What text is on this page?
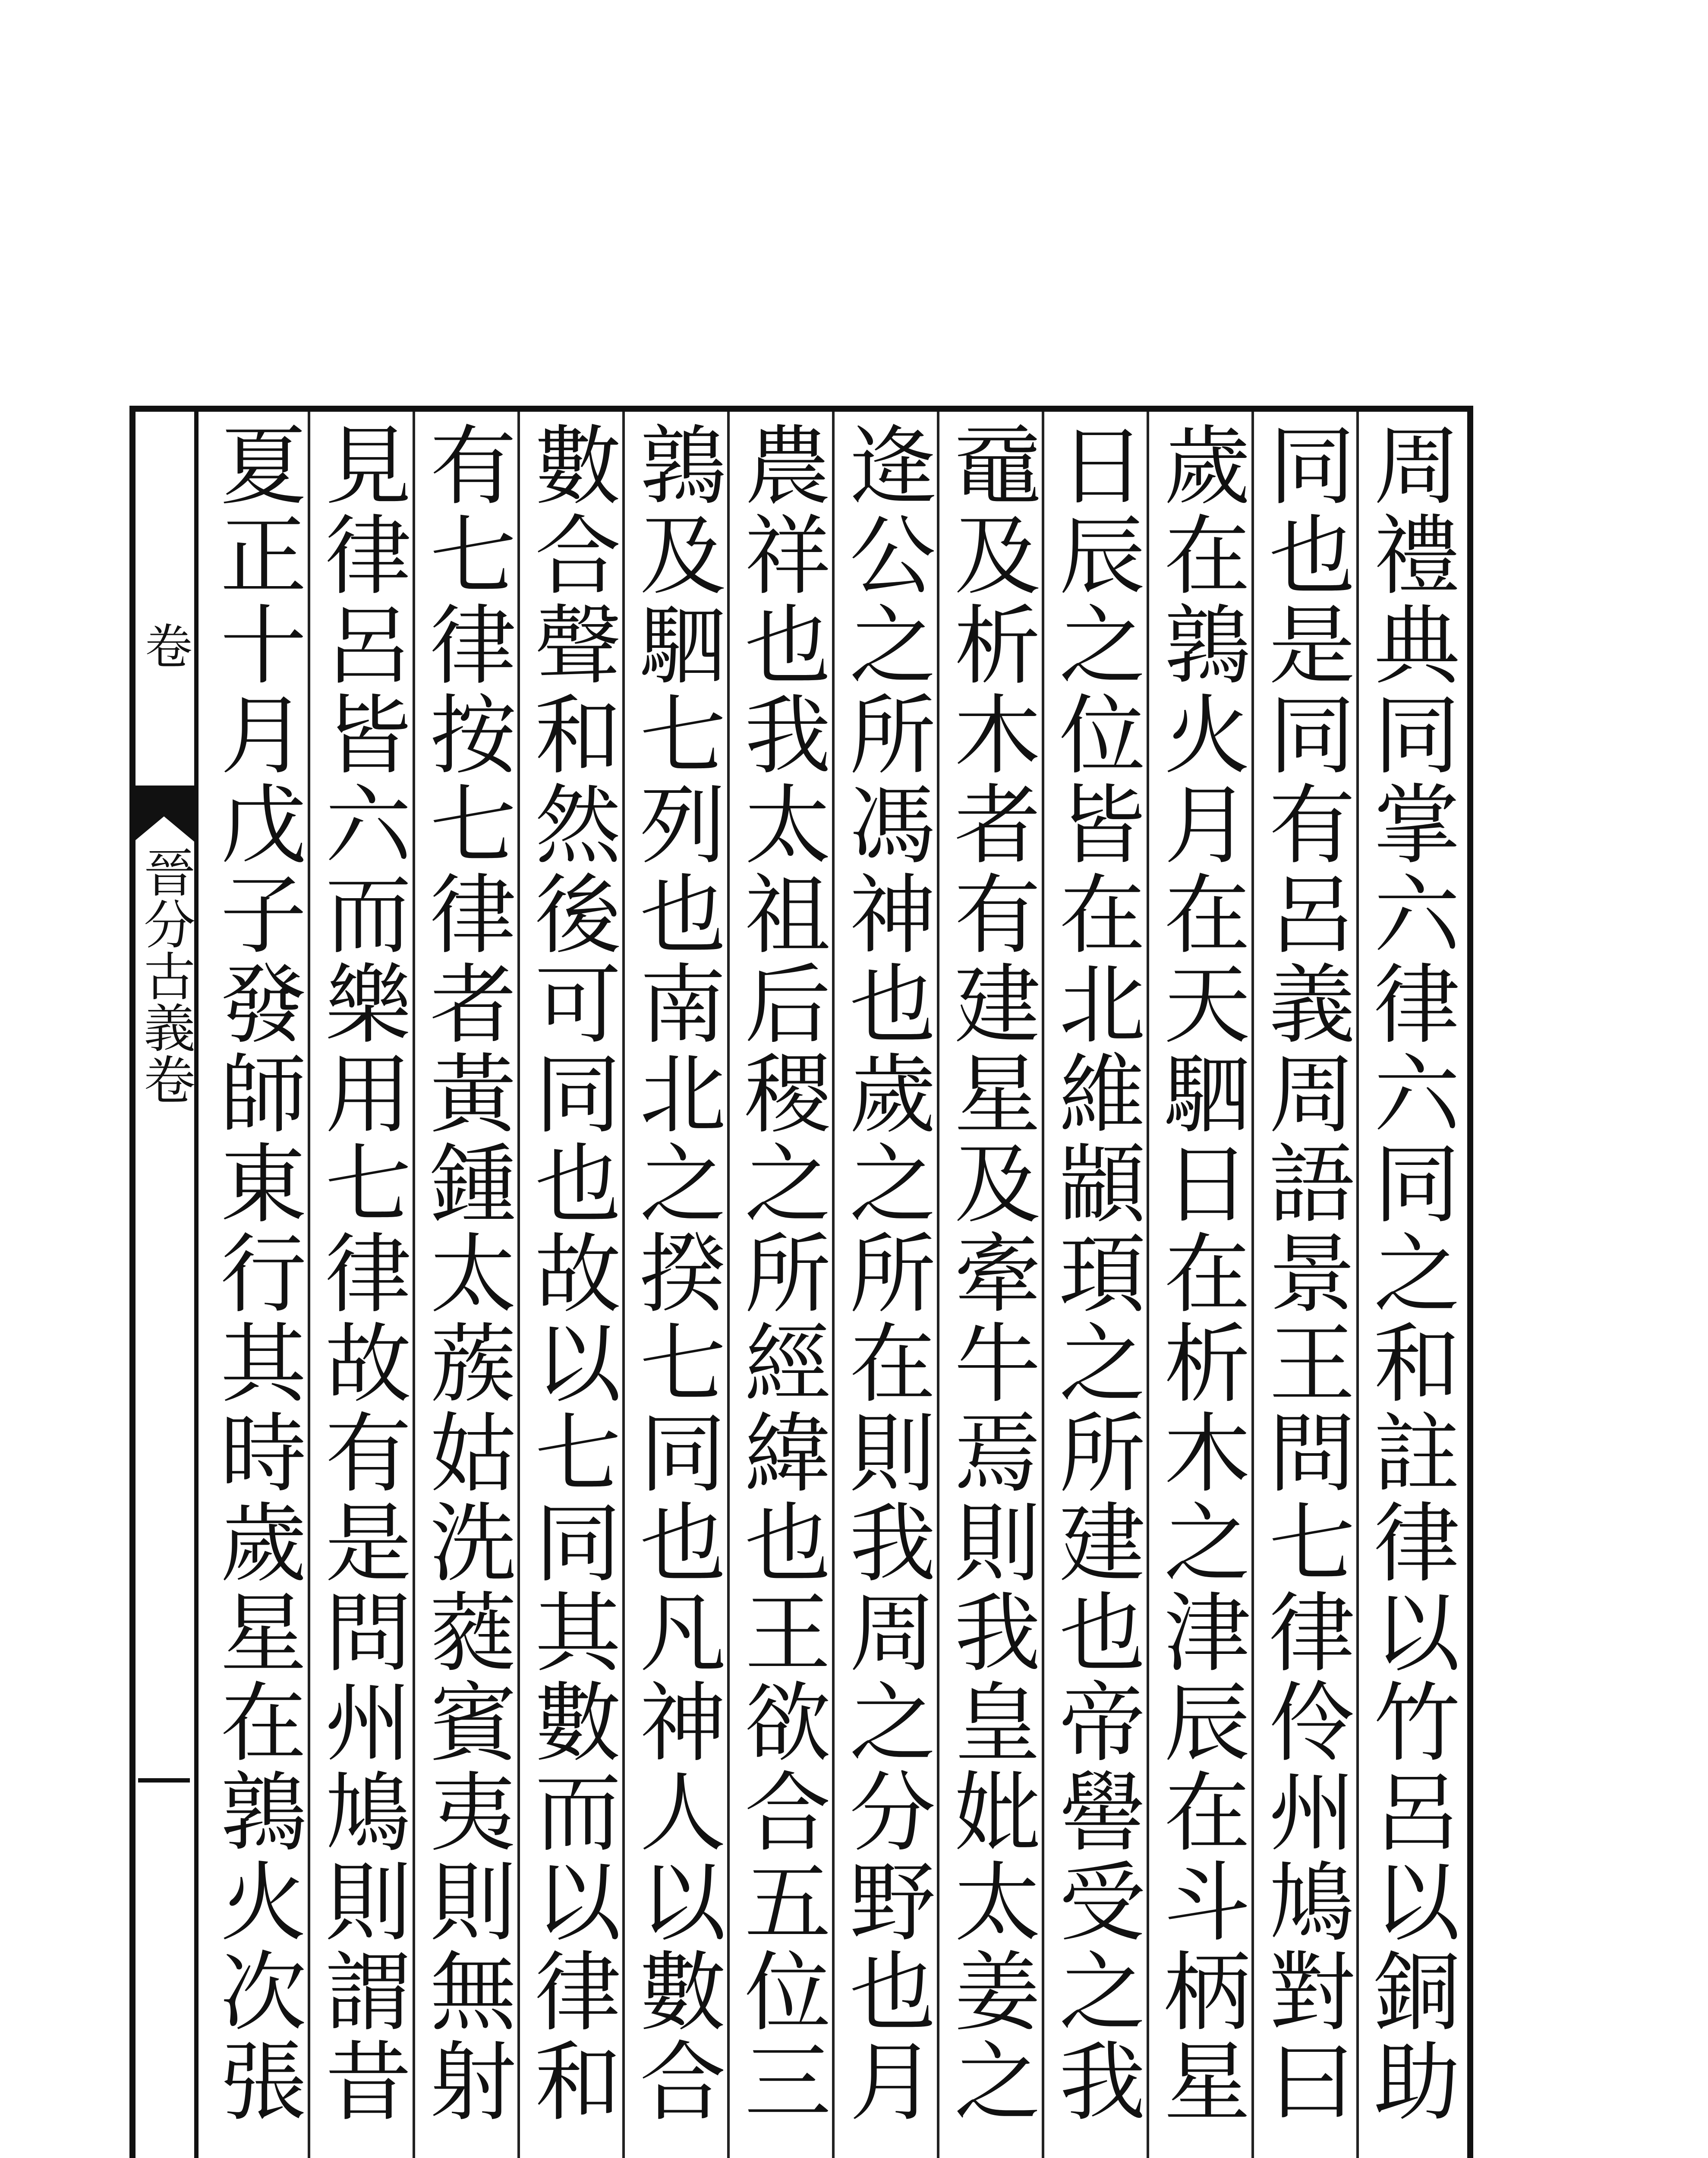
卷
晉分古義卷
周禮典同掌六律六同之和註律以竹呂以銅助
同也是同有呂義周語景王問七律伶州鳩對曰
歲在鶉火月在天駟日在析木之津辰在斗柄星
日辰之位皆在北維顓頊之所建也帝嚳受之我
黿及析木者有建星及牽牛焉則我皇妣太姜之
逄公之所馮神也歲之所在則我周之分野也月
農祥也我太祖后稷之所經緯也王欲合五位三
鶉及駟七列也南北之揆七同也凡神人以數合
數合聲和然後可同也故以七同其數而以律和
有七律按七律者黃鍾太蔟姑洗蕤賓夷則無射
見律呂皆六而樂用七律故有是問州鳩則謂昔
夏正十月戊子發師東行其時歲星在鶉火次張
